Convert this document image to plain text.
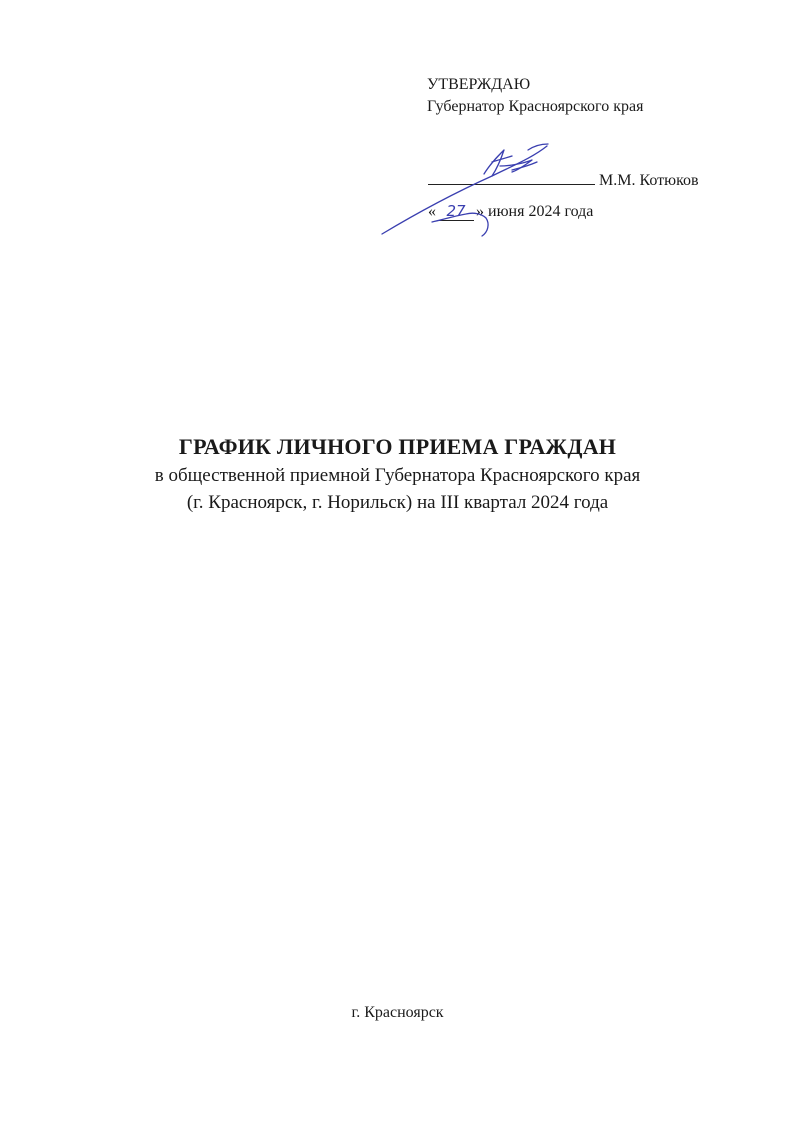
УТВЕРЖДАЮ
Губернатор Красноярского края
М.М. Котюков
« 27 » июня 2024 года
ГРАФИК ЛИЧНОГО ПРИЕМА ГРАЖДАН
в общественной приемной Губернатора Красноярского края
(г. Красноярск, г. Норильск) на III квартал 2024 года
г. Красноярск
